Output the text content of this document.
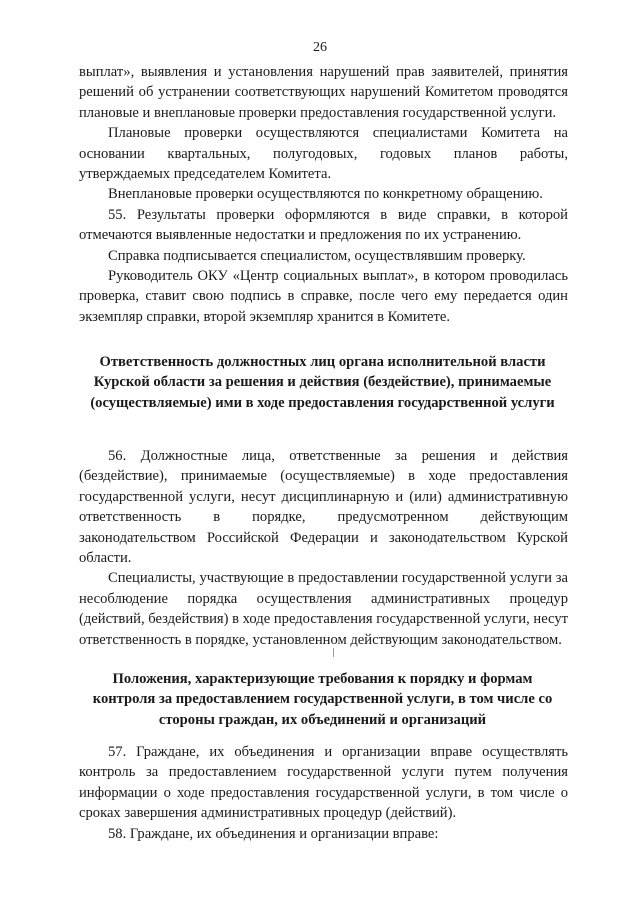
26

выплат», выявления и установления нарушений прав заявителей, принятия решений об устранении соответствующих нарушений Комитетом проводятся плановые и внеплановые проверки предоставления государственной услуги.

Плановые проверки осуществляются специалистами Комитета на основании квартальных, полугодовых, годовых планов работы, утверждаемых председателем Комитета.

Внеплановые проверки осуществляются по конкретному обращению.

55. Результаты проверки оформляются в виде справки, в которой отмечаются выявленные недостатки и предложения по их устранению.

Справка подписывается специалистом, осуществлявшим проверку.

Руководитель ОКУ «Центр социальных выплат», в котором проводилась проверка, ставит свою подпись в справке, после чего ему передается один экземпляр справки, второй экземпляр хранится в Комитете.

Ответственность должностных лиц органа исполнительной власти Курской области за решения и действия (бездействие), принимаемые (осуществляемые) ими в ходе предоставления государственной услуги

56. Должностные лица, ответственные за решения и действия (бездействие), принимаемые (осуществляемые) в ходе предоставления государственной услуги, несут дисциплинарную и (или) административную ответственность в порядке, предусмотренном действующим законодательством Российской Федерации и законодательством Курской области.

Специалисты, участвующие в предоставлении государственной услуги за несоблюдение порядка осуществления административных процедур (действий, бездействия) в ходе предоставления государственной услуги, несут ответственность в порядке, установленном действующим законодательством.

Положения, характеризующие требования к порядку и формам контроля за предоставлением государственной услуги, в том числе со стороны граждан, их объединений и организаций

57. Граждане, их объединения и организации вправе осуществлять контроль за предоставлением государственной услуги путем получения информации о ходе предоставления государственной услуги, в том числе о сроках завершения административных процедур (действий).

58. Граждане, их объединения и организации вправе:
